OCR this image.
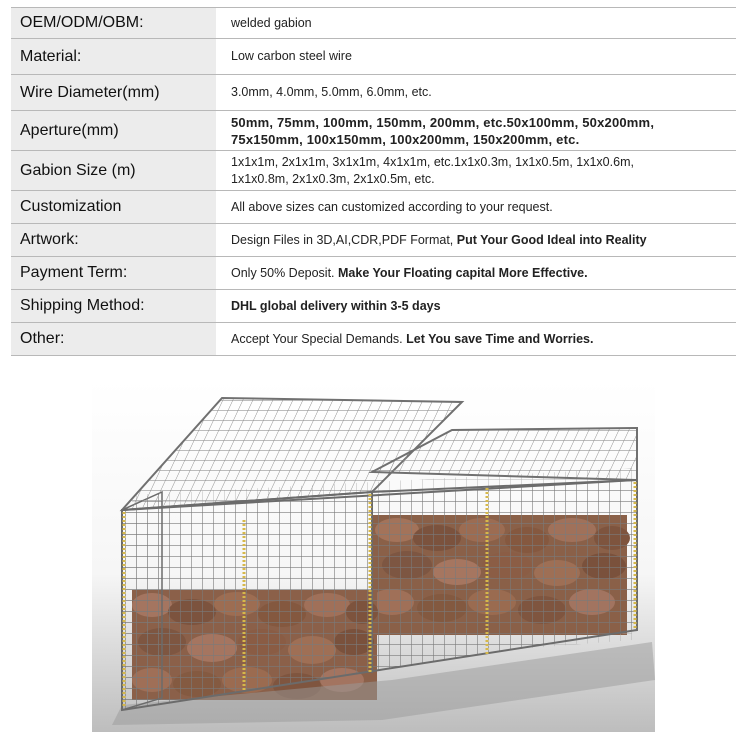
OEM/ODM/OBM:	welded gabion
Material:	Low carbon steel wire
Wire Diameter(mm)	3.0mm, 4.0mm, 5.0mm, 6.0mm, etc.
Aperture(mm)	50mm, 75mm, 100mm, 150mm, 200mm, etc.50x100mm, 50x200mm,
75x150mm, 100x150mm, 100x200mm, 150x200mm, etc.

Gabion Size (m)	1x1x1m, 2x1x1m, 3x1x1m, 4x1x1m, etc.1x1x0.3m, 1x1x0.5m, 1x1x0.6m,
1x1x0.8m, 2x1x0.3m, 2x1x0.5m, etc.

Customization	All above sizes can customized according to your request.
Artwork:	Design Files in 3D,AI,CDR,PDF Format, Put Your Good Ideal into Reality
Payment Term:	Only 50% Deposit. Make Your Floating capital More Effective.
Shipping Method:	DHL global delivery within 3-5 days
Other:	Accept Your Special Demands. Let You save Time and Worries.
